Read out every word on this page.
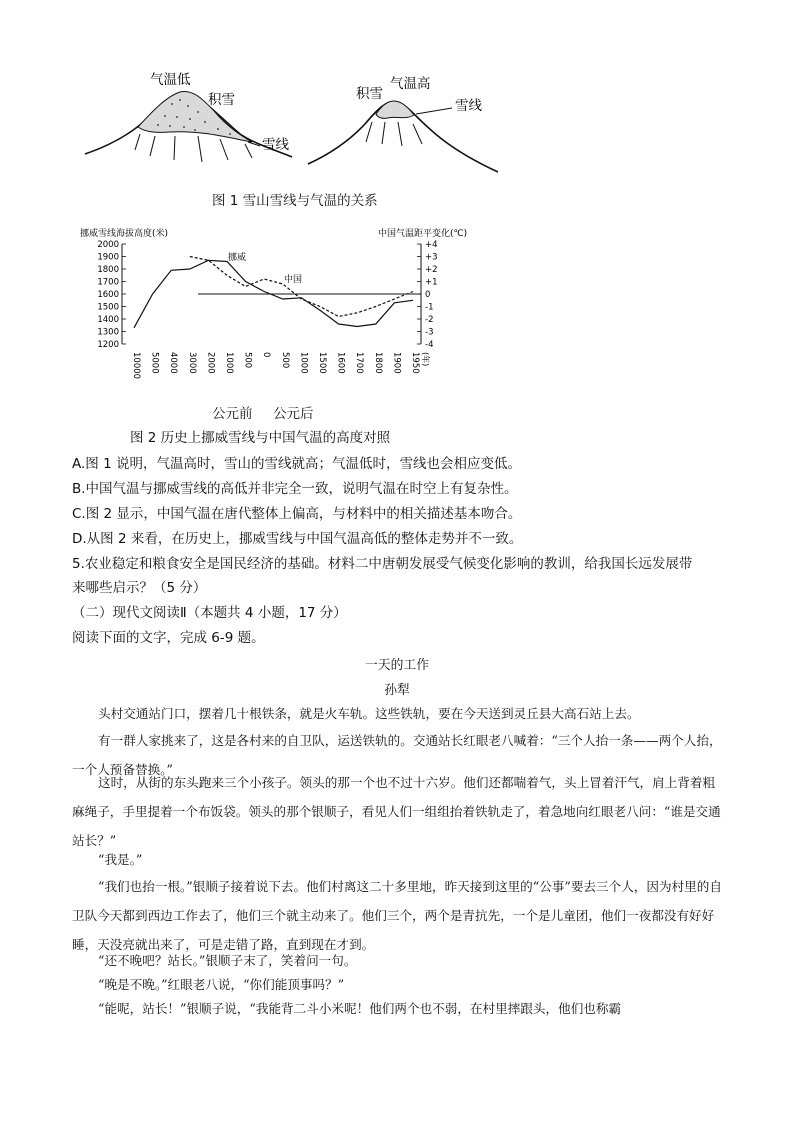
气温低
积雪
雪线
积雪
气温高
雪线
图 1 雪山雪线与气温的关系
挪威雪线海拔高度(米)	中国气温距平变化(℃)
2000
1900
1800
1700
1600
1500
1400
1300
1200
+4
+3
+2
+1
0
-1
-2
-3
-4
10000 5000 4000 3000 2000 1000 500 0 500 1000 1500 1600 1700 1800 1900 1950 (年)
挪威
中国
公元前 公元后
图 2 历史上挪威雪线与中国气温的高度对照
A.图 1 说明，气温高时，雪山的雪线就高；气温低时，雪线也会相应变低。
B.中国气温与挪威雪线的高低并非完全一致，说明气温在时空上有复杂性。
C.图 2 显示，中国气温在唐代整体上偏高，与材料中的相关描述基本吻合。
D.从图 2 来看，在历史上，挪威雪线与中国气温高低的整体走势并不一致。
5.农业稳定和粮食安全是国民经济的基础。材料二中唐朝发展受气候变化影响的教训，给我国长远发展带
来哪些启示？（5 分）
（二）现代文阅读Ⅱ（本题共 4 小题，17 分）
阅读下面的文字，完成 6-9 题。
一天的工作
孙犁
头村交通站门口，摆着几十根铁条，就是火车轨。这些铁轨，要在今天送到灵丘县大高石站上去。
有一群人家挑来了，这是各村来的自卫队，运送铁轨的。交通站长红眼老八喊着：“三个人抬一条——两个人抬，一个人预备替换。”
这时，从街的东头跑来三个小孩子。领头的那一个也不过十六岁。他们还都喘着气，头上冒着汗气，肩上背着粗麻绳子，手里提着一个布饭袋。领头的那个银顺子，看见人们一组组抬着铁轨走了，着急地向红眼老八问：“谁是交通站长？”
“我是。”
“我们也抬一根。”银顺子接着说下去。他们村离这二十多里地，昨天接到这里的“公事”要去三个人，因为村里的自卫队今天都到西边工作去了，他们三个就主动来了。他们三个，两个是青抗先，一个是儿童团，他们一夜都没有好好睡，天没亮就出来了，可是走错了路，直到现在才到。
“还不晚吧？站长。”银顺子末了，笑着问一句。
“晚是不晚。”红眼老八说，“你们能顶事吗？”
“能呢，站长！”银顺子说，“我能背二斗小米呢！他们两个也不弱，在村里摔跟头，他们也称霸
